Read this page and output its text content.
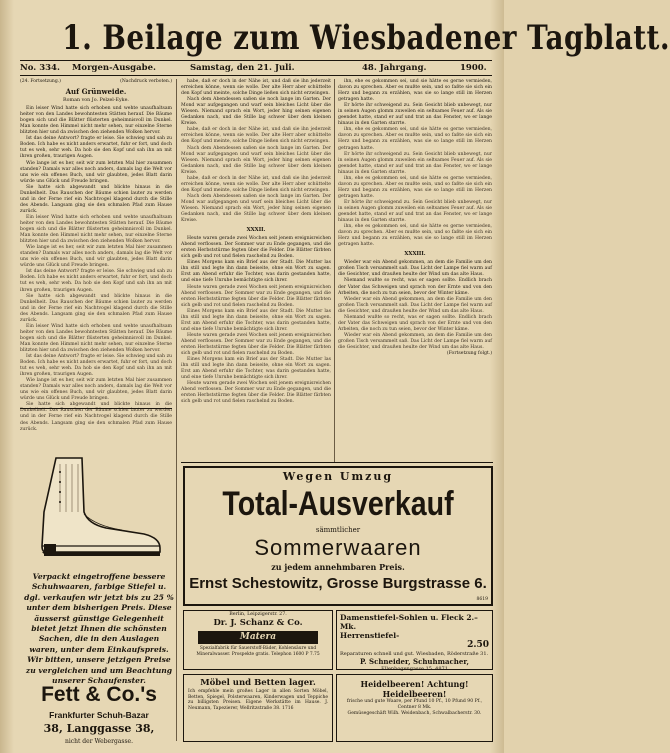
1. Beilage zum Wiesbadener Tagblatt.
No. 334. Morgen-Ausgabe.	Samstag, den 21. Juli.	48. Jahrgang.	1900.
(24. Fortsetzung.)	(Nachdruck verboten.)

Auf Grünweide.

Roman von Jo. Pelzel-Eyke.

Ein leiser Wind hatte sich erhoben und wehte unaufhaltsam heiter von den Landes bewohntesten Stätten herauf. Die Bäume bogen sich und die Blätter flüsterten geheimnisvoll im Dunkel. Man konnte den Himmel nicht mehr sehen, nur einzelne Sterne blitzten hier und da zwischen den ziehenden Wolken hervor.

Ist das deine Antwort? fragte er leise. Sie schwieg und sah zu Boden. Ich habe es nicht anders erwartet, fuhr er fort, und doch tut es weh, sehr weh. Da hob sie den Kopf und sah ihn an mit ihren großen, traurigen Augen.

Wie lange ist es her, seit wir zum letzten Mal hier zusammen standen? Damals war alles noch anders, damals lag die Welt vor uns wie ein offenes Buch, und wir glaubten, jedes Blatt darin würde uns Glück und Freude bringen.

Sie hatte sich abgewandt und blickte hinaus in die Dunkelheit. Das Rauschen der Bäume schien lauter zu werden und in der Ferne rief ein Nachtvogel klagend durch die Stille des Abends. Langsam ging sie den schmalen Pfad zum Hause zurück.

Ein leiser Wind hatte sich erhoben und wehte unaufhaltsam heiter von den Landes bewohntesten Stätten herauf. Die Bäume bogen sich und die Blätter flüsterten geheimnisvoll im Dunkel. Man konnte den Himmel nicht mehr sehen, nur einzelne Sterne blitzten hier und da zwischen den ziehenden Wolken hervor.

Wie lange ist es her, seit wir zum letzten Mal hier zusammen standen? Damals war alles noch anders, damals lag die Welt vor uns wie ein offenes Buch, und wir glaubten, jedes Blatt darin würde uns Glück und Freude bringen.

Ist das deine Antwort? fragte er leise. Sie schwieg und sah zu Boden. Ich habe es nicht anders erwartet, fuhr er fort, und doch tut es weh, sehr weh. Da hob sie den Kopf und sah ihn an mit ihren großen, traurigen Augen.

Sie hatte sich abgewandt und blickte hinaus in die Dunkelheit. Das Rauschen der Bäume schien lauter zu werden und in der Ferne rief ein Nachtvogel klagend durch die Stille des Abends. Langsam ging sie den schmalen Pfad zum Hause zurück.

Ein leiser Wind hatte sich erhoben und wehte unaufhaltsam heiter von den Landes bewohntesten Stätten herauf. Die Bäume bogen sich und die Blätter flüsterten geheimnisvoll im Dunkel. Man konnte den Himmel nicht mehr sehen, nur einzelne Sterne blitzten hier und da zwischen den ziehenden Wolken hervor.

Ist das deine Antwort? fragte er leise. Sie schwieg und sah zu Boden. Ich habe es nicht anders erwartet, fuhr er fort, und doch tut es weh, sehr weh. Da hob sie den Kopf und sah ihn an mit ihren großen, traurigen Augen.

Wie lange ist es her, seit wir zum letzten Mal hier zusammen standen? Damals war alles noch anders, damals lag die Welt vor uns wie ein offenes Buch, und wir glaubten, jedes Blatt darin würde uns Glück und Freude bringen.

Sie hatte sich abgewandt und blickte hinaus in die Dunkelheit. Das Rauschen der Bäume schien lauter zu werden und in der Ferne rief ein Nachtvogel klagend durch die Stille des Abends. Langsam ging sie den schmalen Pfad zum Hause zurück.

habe, daß er doch in der Nähe ist, und daß sie ihn jederzeit erreichen könne, wenn sie wolle. Der alte Herr aber schüttelte den Kopf und meinte, solche Dinge ließen sich nicht erzwingen.

Nach dem Abendessen saßen sie noch lange im Garten. Der Mond war aufgegangen und warf sein bleiches Licht über die Wiesen. Niemand sprach ein Wort, jeder hing seinen eigenen Gedanken nach, und die Stille lag schwer über dem kleinen Kreise.

habe, daß er doch in der Nähe ist, und daß sie ihn jederzeit erreichen könne, wenn sie wolle. Der alte Herr aber schüttelte den Kopf und meinte, solche Dinge ließen sich nicht erzwingen.

Nach dem Abendessen saßen sie noch lange im Garten. Der Mond war aufgegangen und warf sein bleiches Licht über die Wiesen. Niemand sprach ein Wort, jeder hing seinen eigenen Gedanken nach, und die Stille lag schwer über dem kleinen Kreise.

habe, daß er doch in der Nähe ist, und daß sie ihn jederzeit erreichen könne, wenn sie wolle. Der alte Herr aber schüttelte den Kopf und meinte, solche Dinge ließen sich nicht erzwingen.

Nach dem Abendessen saßen sie noch lange im Garten. Der Mond war aufgegangen und warf sein bleiches Licht über die Wiesen. Niemand sprach ein Wort, jeder hing seinen eigenen Gedanken nach, und die Stille lag schwer über dem kleinen Kreise.

XXXII.

Heute waren gerade zwei Wochen seit jenem ereignisreichen Abend verflossen. Der Sommer war zu Ende gegangen, und die ersten Herbststürme fegten über die Felder. Die Blätter färbten sich gelb und rot und fielen raschelnd zu Boden.

Eines Morgens kam ein Brief aus der Stadt. Die Mutter las ihn still und legte ihn dann beiseite, ohne ein Wort zu sagen. Erst am Abend erfuhr die Tochter, was darin gestanden hatte, und eine tiefe Unruhe bemächtigte sich ihrer.

Heute waren gerade zwei Wochen seit jenem ereignisreichen Abend verflossen. Der Sommer war zu Ende gegangen, und die ersten Herbststürme fegten über die Felder. Die Blätter färbten sich gelb und rot und fielen raschelnd zu Boden.

Eines Morgens kam ein Brief aus der Stadt. Die Mutter las ihn still und legte ihn dann beiseite, ohne ein Wort zu sagen. Erst am Abend erfuhr die Tochter, was darin gestanden hatte, und eine tiefe Unruhe bemächtigte sich ihrer.

Heute waren gerade zwei Wochen seit jenem ereignisreichen Abend verflossen. Der Sommer war zu Ende gegangen, und die ersten Herbststürme fegten über die Felder. Die Blätter färbten sich gelb und rot und fielen raschelnd zu Boden.

Eines Morgens kam ein Brief aus der Stadt. Die Mutter las ihn still und legte ihn dann beiseite, ohne ein Wort zu sagen. Erst am Abend erfuhr die Tochter, was darin gestanden hatte, und eine tiefe Unruhe bemächtigte sich ihrer.

Heute waren gerade zwei Wochen seit jenem ereignisreichen Abend verflossen. Der Sommer war zu Ende gegangen, und die ersten Herbststürme fegten über die Felder. Die Blätter färbten sich gelb und rot und fielen raschelnd zu Boden.

ihn, ehe es gekommen sei, und sie hätte es gerne vermieden, davon zu sprechen. Aber es mußte sein, und so faßte sie sich ein Herz und begann zu erzählen, was sie so lange still im Herzen getragen hatte.

Er hörte ihr schweigend zu. Sein Gesicht blieb unbewegt, nur in seinen Augen glomm zuweilen ein seltsames Feuer auf. Als sie geendet hatte, stand er auf und trat an das Fenster, wo er lange hinaus in den Garten starrte.

ihn, ehe es gekommen sei, und sie hätte es gerne vermieden, davon zu sprechen. Aber es mußte sein, und so faßte sie sich ein Herz und begann zu erzählen, was sie so lange still im Herzen getragen hatte.

Er hörte ihr schweigend zu. Sein Gesicht blieb unbewegt, nur in seinen Augen glomm zuweilen ein seltsames Feuer auf. Als sie geendet hatte, stand er auf und trat an das Fenster, wo er lange hinaus in den Garten starrte.

ihn, ehe es gekommen sei, und sie hätte es gerne vermieden, davon zu sprechen. Aber es mußte sein, und so faßte sie sich ein Herz und begann zu erzählen, was sie so lange still im Herzen getragen hatte.

Er hörte ihr schweigend zu. Sein Gesicht blieb unbewegt, nur in seinen Augen glomm zuweilen ein seltsames Feuer auf. Als sie geendet hatte, stand er auf und trat an das Fenster, wo er lange hinaus in den Garten starrte.

ihn, ehe es gekommen sei, und sie hätte es gerne vermieden, davon zu sprechen. Aber es mußte sein, und so faßte sie sich ein Herz und begann zu erzählen, was sie so lange still im Herzen getragen hatte.

XXXIII.

Wieder war ein Abend gekommen, an dem die Familie um den großen Tisch versammelt saß. Das Licht der Lampe fiel warm auf die Gesichter, und draußen heulte der Wind um das alte Haus.

Niemand wußte so recht, was er sagen sollte. Endlich brach der Vater das Schweigen und sprach von der Ernte und von den Arbeiten, die noch zu tun seien, bevor der Winter käme.

Wieder war ein Abend gekommen, an dem die Familie um den großen Tisch versammelt saß. Das Licht der Lampe fiel warm auf die Gesichter, und draußen heulte der Wind um das alte Haus.

Niemand wußte so recht, was er sagen sollte. Endlich brach der Vater das Schweigen und sprach von der Ernte und von den Arbeiten, die noch zu tun seien, bevor der Winter käme.

Wieder war ein Abend gekommen, an dem die Familie um den großen Tisch versammelt saß. Das Licht der Lampe fiel warm auf die Gesichter, und draußen heulte der Wind um das alte Haus.

(Fortsetzung folgt.)

Verpackt eingetroffene bessere Schuhwaaren, farbige Stiefel u. dgl. verkaufen wir jetzt bis zu 25 % unter dem bisherigen Preis. Diese äusserst günstige Gelegenheit bietet jetzt Ihnen die schönsten Sachen, die in den Auslagen waren, unter dem Einkaufspreis. Wir bitten, unsere jetzigen Preise zu vergleichen und um Beachtung unserer Schaufenster.
Fett & Co.'s
Frankfurter Schuh-Bazar
38, Langgasse 38,
nicht der Webergasse.
Wegen Umzug
Total-Ausverkauf
sämmtlicher
Sommerwaaren
zu jedem annehmbaren Preis.
Ernst Schestowitz, Grosse Burgstrasse 6.
8619
Berlin, Leipzigerstr. 27.
Dr. J. Schanz & Co.
Matera
Spezialfabrik für Sauerstoff-Bäder, Kohlensäure und Mineralwasser. Prospekte gratis. Telephon 1600 P 7.75
Damenstiefel-Sohlen u. Fleck 2.– Mk.
Herrenstiefel-
2.50
Reparaturen schnell und gut. Wiesbaden, Röderstraße 31.
P. Schneider, Schuhmacher,
Ellenbogengasse 15. 4871
Möbel und Betten lager.
Ich empfehle mein großes Lager in allen Sorten Möbel, Betten, Spiegel, Polsterwaaren, Kinderwagen und Teppiche zu billigsten Preisen. Eigene Werkstätte im Hause. J. Neumann, Tapezierer, Wellritzstraße 38. 1716
Heidelbeeren! Achtung! Heidelbeeren!
frische und gute Waare, per Pfund 10 Pf., 10 Pfund 90 Pf., Centner 8 Mk.
Gemüsegeschäft Wilh. Weidenbach, Schwalbacherstr. 30.
